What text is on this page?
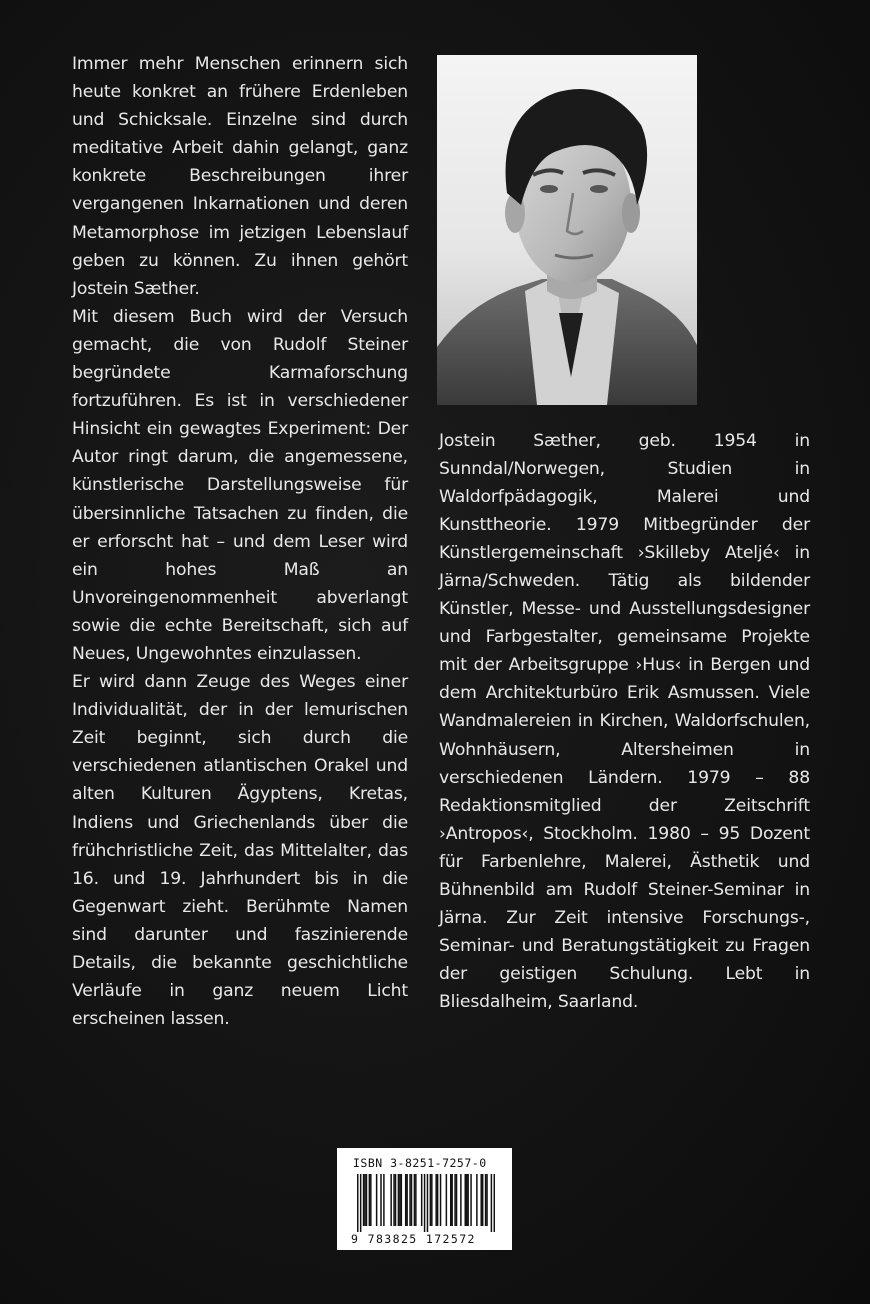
Immer mehr Menschen erinnern sich heute konkret an frühere Erdenleben und Schicksale. Einzelne sind durch meditative Arbeit dahin gelangt, ganz konkrete Beschreibungen ihrer vergangenen Inkarnationen und deren Metamorphose im jetzigen Lebenslauf geben zu können. Zu ihnen gehört Jostein Sæther.

Mit diesem Buch wird der Versuch gemacht, die von Rudolf Steiner begründete Karmaforschung fortzuführen. Es ist in verschiedener Hinsicht ein gewagtes Experiment: Der Autor ringt darum, die angemessene, künstlerische Darstellungsweise für übersinnliche Tatsachen zu finden, die er erforscht hat – und dem Leser wird ein hohes Maß an Unvoreingenommenheit abverlangt sowie die echte Bereitschaft, sich auf Neues, Ungewohntes einzulassen.

Er wird dann Zeuge des Weges einer Individualität, der in der lemurischen Zeit beginnt, sich durch die verschiedenen atlantischen Orakel und alten Kulturen Ägyptens, Kretas, Indiens und Griechenlands über die frühchristliche Zeit, das Mittelalter, das 16. und 19. Jahrhundert bis in die Gegenwart zieht. Berühmte Namen sind darunter und faszinierende Details, die bekannte geschichtliche Verläufe in ganz neuem Licht erscheinen lassen.

Jostein Sæther, geb. 1954 in Sunndal/Norwegen, Studien in Waldorfpädagogik, Malerei und Kunsttheorie. 1979 Mitbegründer der Künstlergemeinschaft ›Skilleby Ateljé‹ in Järna/Schweden. Tätig als bildender Künstler, Messe- und Ausstellungsdesigner und Farbgestalter, gemeinsame Projekte mit der Arbeitsgruppe ›Hus‹ in Bergen und dem Architekturbüro Erik Asmussen. Viele Wandmalereien in Kirchen, Waldorfschulen, Wohnhäusern, Altersheimen in verschiedenen Ländern. 1979 – 88 Redaktionsmitglied der Zeitschrift ›Antropos‹, Stockholm. 1980 – 95 Dozent für Farbenlehre, Malerei, Ästhetik und Bühnenbild am Rudolf Steiner-Seminar in Järna. Zur Zeit intensive Forschungs-, Seminar- und Beratungstätigkeit zu Fragen der geistigen Schulung. Lebt in Bliesdalheim, Saarland.

ISBN 3-8251-7257-0
9 783825 172572
